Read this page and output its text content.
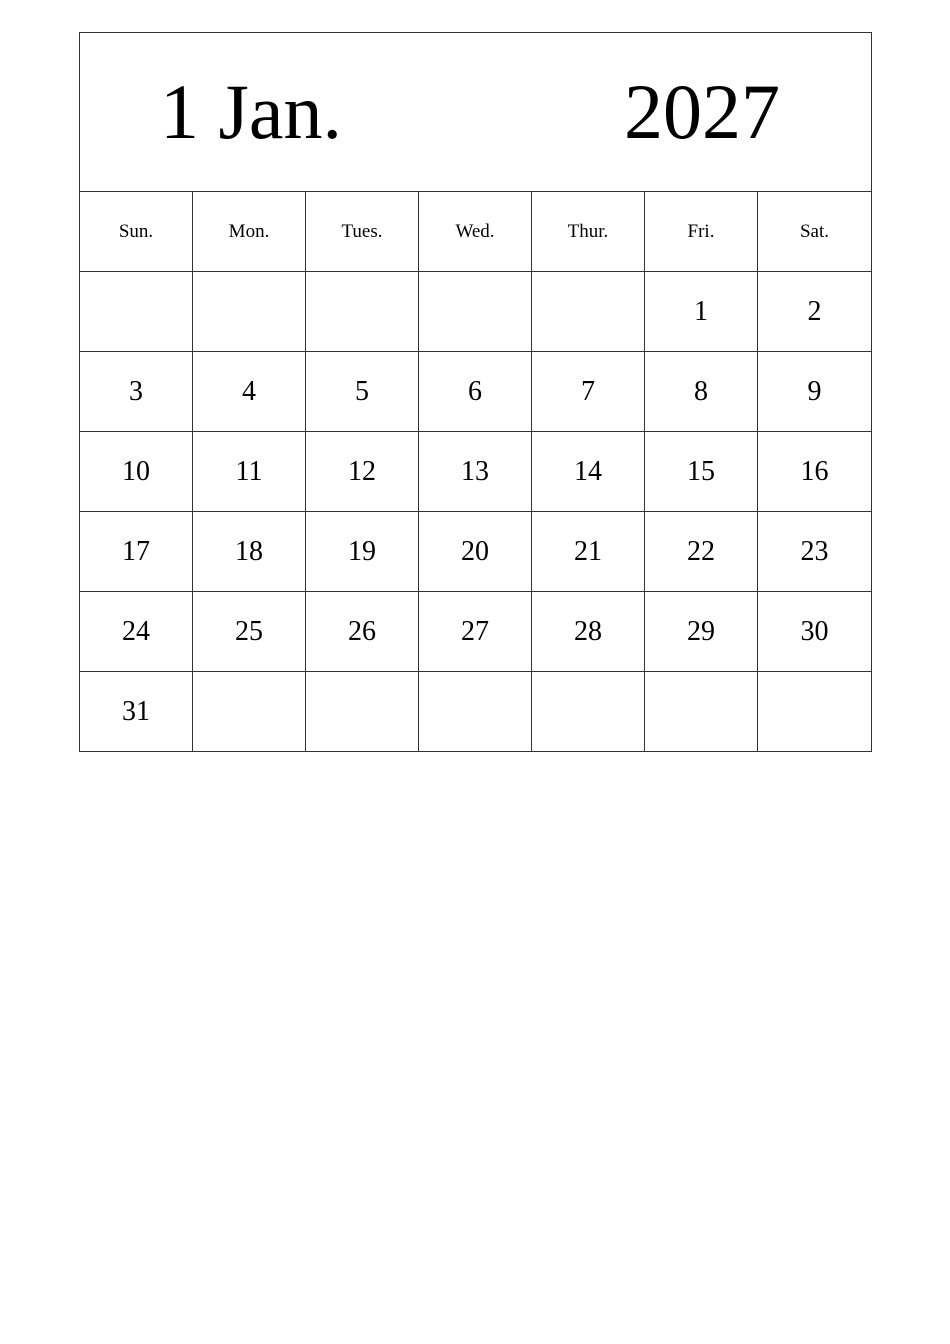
1 Jan. 2027						

Sun.	Mon.	Tues.	Wed.	Thur.	Fri.	Sat.
					1	2
3	4	5	6	7	8	9
10	11	12	13	14	15	16
17	18	19	20	21	22	23
24	25	26	27	28	29	30
31						
